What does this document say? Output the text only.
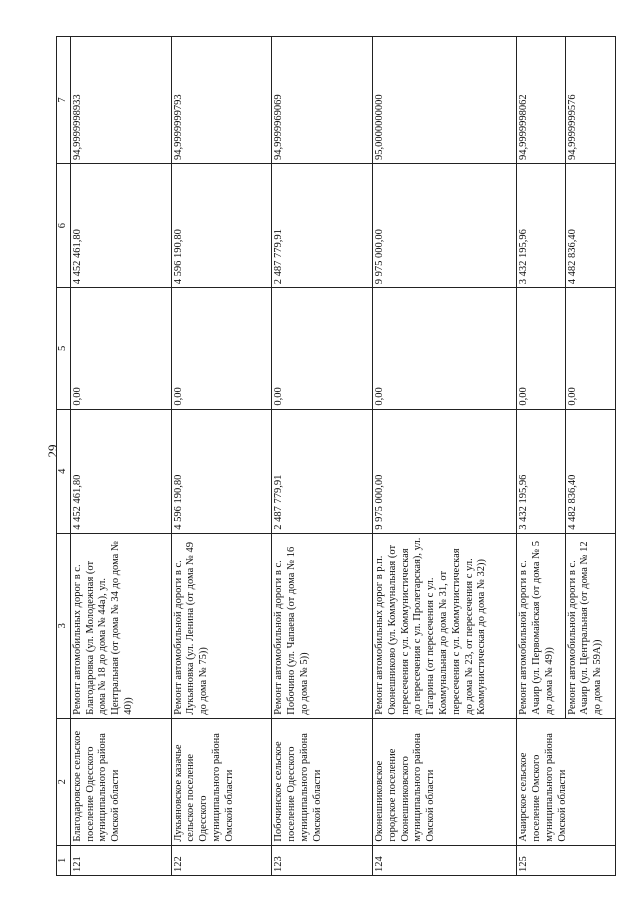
29
1	2	3	4	5	6	7
121	Благодаровское сельское поселение Одесского муниципального района Омской области	Ремонт автомобильных дорог в с. Благодаровка (ул. Молодежная (от дома № 18 до дома № 44а), ул. Центральная (от дома № 34 до дома № 40))	4 452 461,80	0,00	4 452 461,80	94,9999998933
122	Лукьяновское казачье сельское поселение Одесского муниципального района Омской области	Ремонт автомобильной дороги в с. Лукьяновка (ул. Ленина (от дома № 49 до дома № 75))	4 596 190,80	0,00	4 596 190,80	94,9999999793
123	Побочинское сельское поселение Одесского муниципального района Омской области	Ремонт автомобильной дороги в с. Побочино (ул. Чапаева (от дома № 16 до дома № 5))	2 487 779,91	0,00	2 487 779,91	94,9999969069
124	Оконешниковское городское поселение Оконешниковского муниципального района Омской области	Ремонт автомобильных дорог в р.п. Оконешниково (ул. Коммунальная (от пересечения с ул. Коммунистическая до пересечения с ул. Пролетарская), ул. Гагарина (от пересечения с ул. Коммунальная до дома № 31, от пересечения с ул. Коммунистическая до дома № 23, от пересечения с ул. Коммунистическая до дома № 32))	9 975 000,00	0,00	9 975 000,00	95,0000000000
125	Ачаирское сельское поселение Омского муниципального района Омской области	Ремонт автомобильной дороги в с. Ачаир (ул. Первомайская (от дома № 5 до дома № 49))	3 432 195,96	0,00	3 432 195,96	94,9999998062
		Ремонт автомобильной дороги в с. Ачаир (ул. Центральная (от дома № 12 до дома № 59А))	4 482 836,40	0,00	4 482 836,40	94,9999999576
